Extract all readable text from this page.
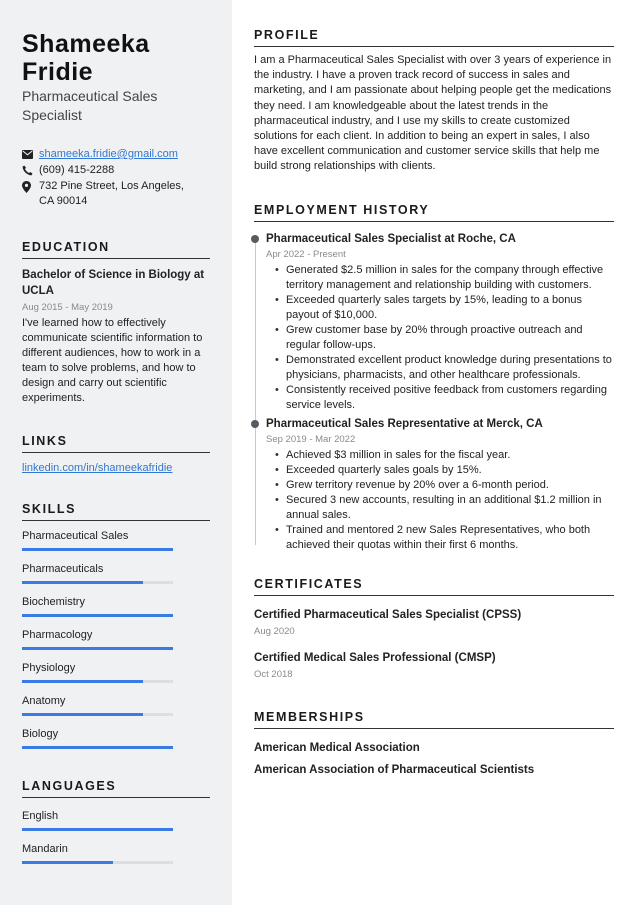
Shameeka Fridie
Pharmaceutical Sales Specialist
shameeka.fridie@gmail.com
(609) 415-2288
732 Pine Street, Los Angeles, CA 90014
EDUCATION
Bachelor of Science in Biology at UCLA
Aug 2015 - May 2019
I've learned how to effectively communicate scientific information to different audiences, how to work in a team to solve problems, and how to design and carry out scientific experiments.
LINKS
linkedin.com/in/shameekafridie
SKILLS
Pharmaceutical Sales
Pharmaceuticals
Biochemistry
Pharmacology
Physiology
Anatomy
Biology
LANGUAGES
English
Mandarin
PROFILE
I am a Pharmaceutical Sales Specialist with over 3 years of experience in the industry. I have a proven track record of success in sales and marketing, and I am passionate about helping people get the medications they need. I am knowledgeable about the latest trends in the pharmaceutical industry, and I use my skills to create customized solutions for each client. In addition to being an expert in sales, I also have excellent communication and customer service skills that help me build strong relationships with clients.
EMPLOYMENT HISTORY
Pharmaceutical Sales Specialist at Roche, CA
Apr 2022 - Present
• Generated $2.5 million in sales for the company through effective territory management and relationship building with customers.
• Exceeded quarterly sales targets by 15%, leading to a bonus payout of $10,000.
• Grew customer base by 20% through proactive outreach and regular follow-ups.
• Demonstrated excellent product knowledge during presentations to physicians, pharmacists, and other healthcare professionals.
• Consistently received positive feedback from customers regarding service levels.
Pharmaceutical Sales Representative at Merck, CA
Sep 2019 - Mar 2022
• Achieved $3 million in sales for the fiscal year.
• Exceeded quarterly sales goals by 15%.
• Grew territory revenue by 20% over a 6-month period.
• Secured 3 new accounts, resulting in an additional $1.2 million in annual sales.
• Trained and mentored 2 new Sales Representatives, who both achieved their quotas within their first 6 months.
CERTIFICATES
Certified Pharmaceutical Sales Specialist (CPSS)
Aug 2020
Certified Medical Sales Professional (CMSP)
Oct 2018
MEMBERSHIPS
American Medical Association
American Association of Pharmaceutical Scientists
